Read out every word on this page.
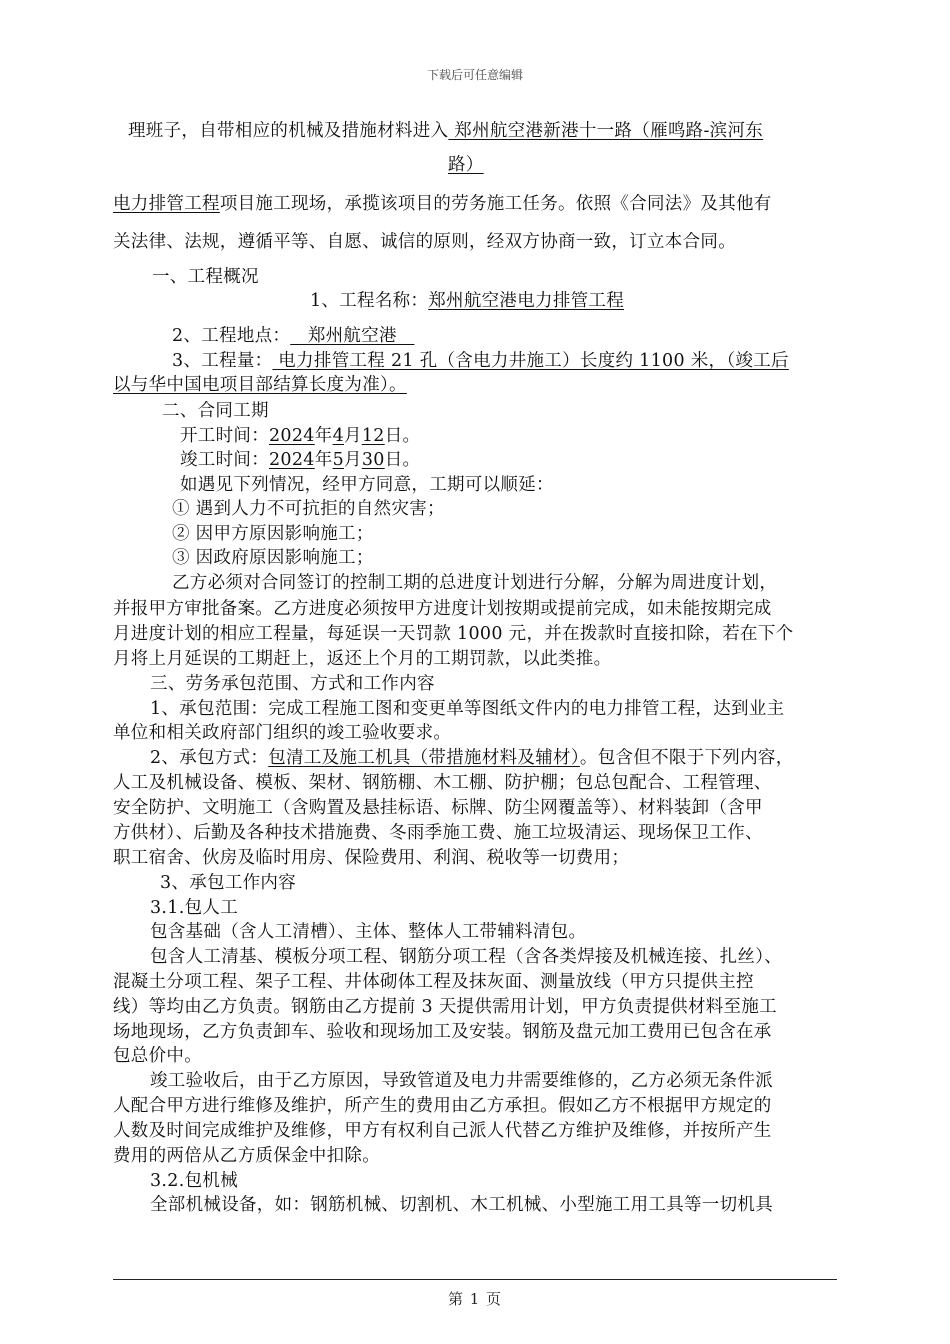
下载后可任意编辑
理班子，自带相应的机械及措施材料进入 郑州航空港新港十一路（雁鸣路-滨河东
路）
电力排管工程项目施工现场，承揽该项目的劳务施工任务。依照《合同法》及其他有
关法律、法规，遵循平等、自愿、诚信的原则，经双方协商一致，订立本合同。
一、工程概况
1、工程名称：郑州航空港电力排管工程
2、工程地点：   郑州航空港
3、工程量： 电力排管工程 21 孔（含电力井施工）长度约 1100 米，（竣工后
以与华中国电项目部结算长度为准）。
二、合同工期
开工时间：2024年4月12日。
竣工时间：2024年5月30日。
如遇见下列情况，经甲方同意，工期可以顺延：
① 遇到人力不可抗拒的自然灾害；
② 因甲方原因影响施工；
③ 因政府原因影响施工；
乙方必须对合同签订的控制工期的总进度计划进行分解，分解为周进度计划，
并报甲方审批备案。乙方进度必须按甲方进度计划按期或提前完成，如未能按期完成
月进度计划的相应工程量，每延误一天罚款 1000 元，并在拨款时直接扣除，若在下个
月将上月延误的工期赶上，返还上个月的工期罚款，以此类推。
三、劳务承包范围、方式和工作内容
1、承包范围：完成工程施工图和变更单等图纸文件内的电力排管工程，达到业主
单位和相关政府部门组织的竣工验收要求。
2、承包方式：包清工及施工机具（带措施材料及辅材）。包含但不限于下列内容，
人工及机械设备、模板、架材、钢筋棚、木工棚、防护棚；包总包配合、工程管理、
安全防护、文明施工（含购置及悬挂标语、标牌、防尘网覆盖等）、材料装卸（含甲
方供材）、后勤及各种技术措施费、冬雨季施工费、施工垃圾清运、现场保卫工作、
职工宿舍、伙房及临时用房、保险费用、利润、税收等一切费用；
3、承包工作内容
3.1.包人工
包含基础（含人工清槽）、主体、整体人工带辅料清包。
包含人工清基、模板分项工程、钢筋分项工程（含各类焊接及机械连接、扎丝）、
混凝土分项工程、架子工程、井体砌体工程及抹灰面、测量放线（甲方只提供主控
线）等均由乙方负责。钢筋由乙方提前 3 天提供需用计划，甲方负责提供材料至施工
场地现场，乙方负责卸车、验收和现场加工及安装。钢筋及盘元加工费用已包含在承
包总价中。
竣工验收后，由于乙方原因，导致管道及电力井需要维修的，乙方必须无条件派
人配合甲方进行维修及维护，所产生的费用由乙方承担。假如乙方不根据甲方规定的
人数及时间完成维护及维修，甲方有权利自己派人代替乙方维护及维修，并按所产生
费用的两倍从乙方质保金中扣除。
3.2.包机械
全部机械设备，如：钢筋机械、切割机、木工机械、小型施工用工具等一切机具
第 1 页
